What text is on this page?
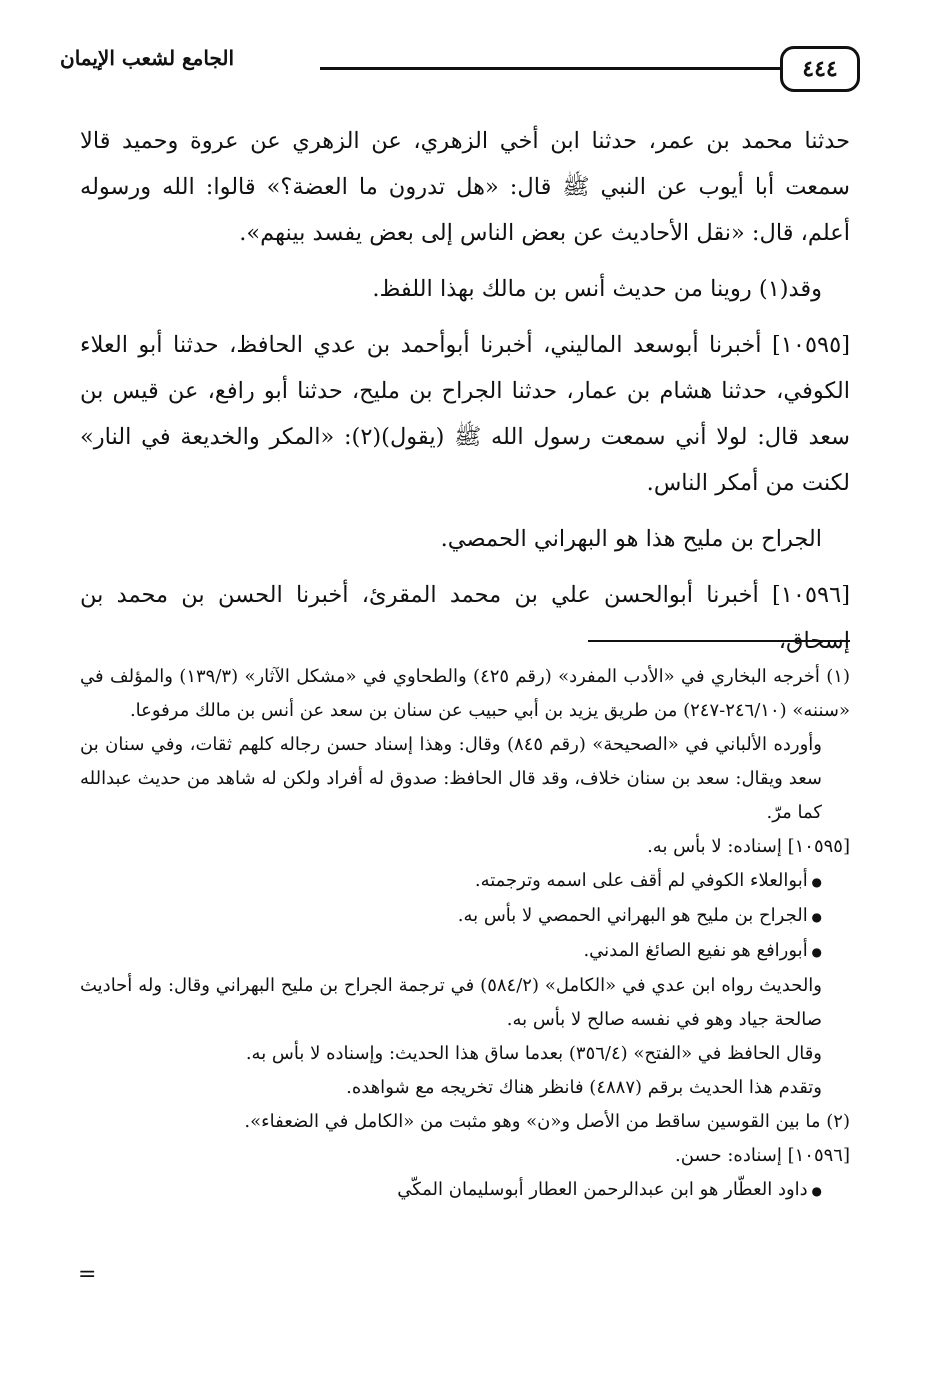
٤٤٤
الجامع لشعب الإيمان

حدثنا محمد بن عمر، حدثنا ابن أخي الزهري، عن الزهري عن عروة وحميد قالا سمعت أبا أيوب عن النبي ﷺ قال: «هل تدرون ما العضة؟» قالوا: الله ورسوله أعلم، قال: «نقل الأحاديث عن بعض الناس إلى بعض يفسد بينهم».

وقد(١) روينا من حديث أنس بن مالك بهذا اللفظ.

[١٠٥٩٥] أخبرنا أبوسعد الماليني، أخبرنا أبوأحمد بن عدي الحافظ، حدثنا أبو العلاء الكوفي، حدثنا هشام بن عمار، حدثنا الجراح بن مليح، حدثنا أبو رافع، عن قيس بن سعد قال: لولا أني سمعت رسول الله ﷺ (يقول)(٢): «المكر والخديعة في النار» لكنت من أمكر الناس.

الجراح بن مليح هذا هو البهراني الحمصي.

[١٠٥٩٦] أخبرنا أبوالحسن علي بن محمد المقرئ، أخبرنا الحسن بن محمد بن إسحاق،

(١) أخرجه البخاري في «الأدب المفرد» (رقم ٤٢٥) والطحاوي في «مشكل الآثار» (١٣٩/٣) والمؤلف في «سننه» (٢٤٦/١٠-٢٤٧) من طريق يزيد بن أبي حبيب عن سنان بن سعد عن أنس بن مالك مرفوعا.

وأورده الألباني في «الصحيحة» (رقم ٨٤٥) وقال: وهذا إسناد حسن رجاله كلهم ثقات، وفي سنان بن سعد ويقال: سعد بن سنان خلاف، وقد قال الحافظ: صدوق له أفراد ولكن له شاهد من حديث عبدالله كما مرّ.

[١٠٥٩٥] إسناده: لا بأس به.

● أبوالعلاء الكوفي لم أقف على اسمه وترجمته.
● الجراح بن مليح هو البهراني الحمصي لا بأس به.
● أبورافع هو نفيع الصائغ المدني.

والحديث رواه ابن عدي في «الكامل» (٥٨٤/٢) في ترجمة الجراح بن مليح البهراني وقال: وله أحاديث صالحة جياد وهو في نفسه صالح لا بأس به.

وقال الحافظ في «الفتح» (٣٥٦/٤) بعدما ساق هذا الحديث: وإسناده لا بأس به.

وتقدم هذا الحديث برقم (٤٨٨٧) فانظر هناك تخريجه مع شواهده.

(٢) ما بين القوسين ساقط من الأصل و«ن» وهو مثبت من «الكامل في الضعفاء».

[١٠٥٩٦] إسناده: حسن.

● داود العطّار هو ابن عبدالرحمن العطار أبوسليمان المكّي
=
